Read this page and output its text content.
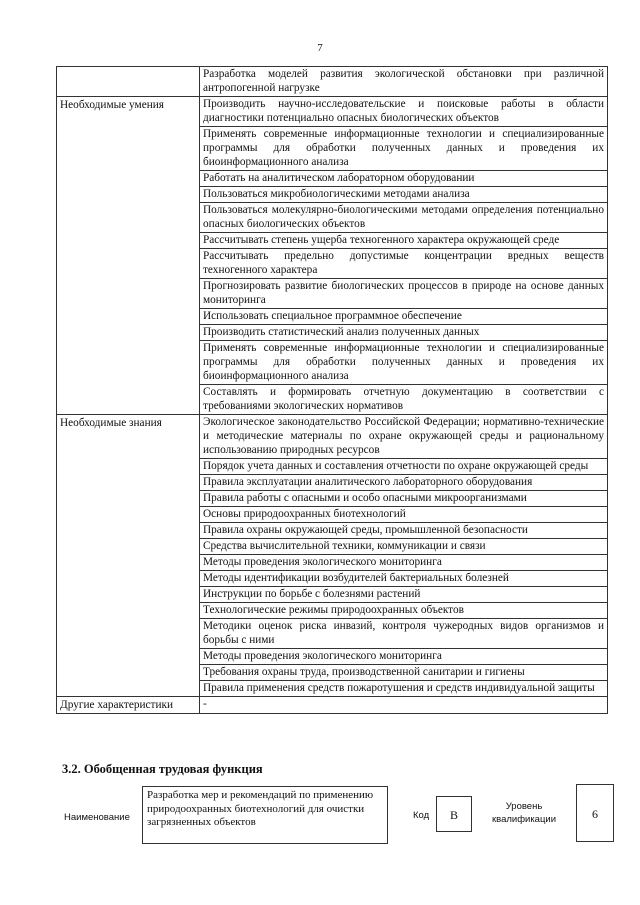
7
	Разработка моделей развития экологической обстановки при различной антропогенной нагрузке
Необходимые умения	Производить научно-исследовательские и поисковые работы в области диагностики потенциально опасных биологических объектов
	Применять современные информационные технологии и специализированные программы для обработки полученных данных и проведения их биоинформационного анализа
	Работать на аналитическом лабораторном оборудовании
	Пользоваться микробиологическими методами анализа
	Пользоваться молекулярно-биологическими методами определения потенциально опасных биологических объектов
	Рассчитывать степень ущерба техногенного характера окружающей среде
	Рассчитывать предельно допустимые концентрации вредных веществ техногенного характера
	Прогнозировать развитие биологических процессов в природе на основе данных мониторинга
	Использовать специальное программное обеспечение
	Производить статистический анализ полученных данных
	Применять современные информационные технологии и специализированные программы для обработки полученных данных и проведения их биоинформационного анализа
	Составлять и формировать отчетную документацию в соответствии с требованиями экологических нормативов
Необходимые знания	Экологическое законодательство Российской Федерации; нормативно-технические и методические материалы по охране окружающей среды и рациональному использованию природных ресурсов
	Порядок учета данных и составления отчетности по охране окружающей среды
	Правила эксплуатации аналитического лабораторного оборудования
	Правила работы с опасными и особо опасными микроорганизмами
	Основы природоохранных биотехнологий
	Правила охраны окружающей среды, промышленной безопасности
	Средства вычислительной техники, коммуникации и связи
	Методы проведения экологического мониторинга
	Методы идентификации возбудителей бактериальных болезней
	Инструкции по борьбе с болезнями растений
	Технологические режимы природоохранных объектов
	Методики оценок риска инвазий, контроля чужеродных видов организмов и борьбы с ними
	Методы проведения экологического мониторинга
	Требования охраны труда, производственной санитарии и гигиены
	Правила применения средств пожаротушения и средств индивидуальной защиты
Другие характеристики	-
3.2. Обобщенная трудовая функция
Наименование
Разработка мер и рекомендаций по применению природоохранных биотехнологий для очистки загрязненных объектов
Код	B
Уровень квалификации	6
